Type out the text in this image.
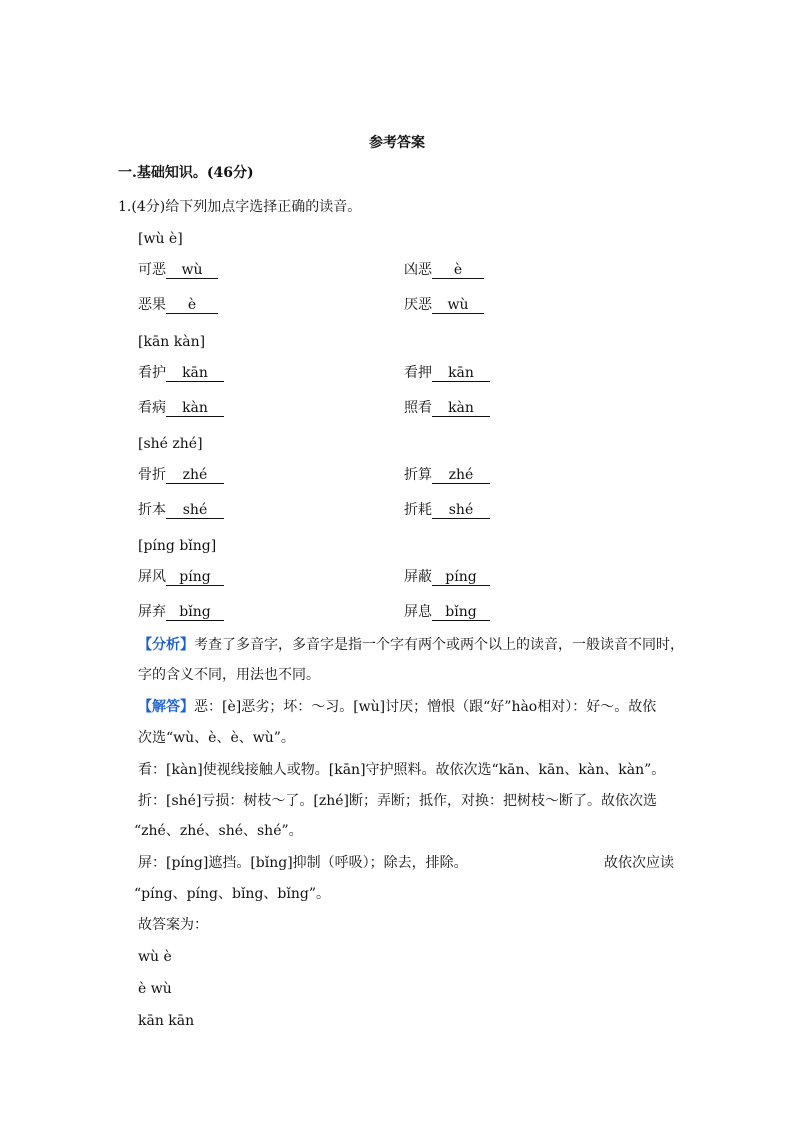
参考答案
一.基础知识。(46分)
1.(4分)给下列加点字选择正确的读音。
[wù è]
可恶 wù	凶恶 è
恶果 è	厌恶 wù
[kān kàn]
看护 kān	看押 kān
看病 kàn	照看 kàn
[shé zhé]
骨折 zhé	折算 zhé
折本 shé	折耗 shé
[píng bǐng]
屏风 píng	屏蔽 píng
屏弃 bǐng	屏息 bǐng
【分析】考查了多音字，多音字是指一个字有两个或两个以上的读音，一般读音不同时，
字的含义不同，用法也不同。
【解答】恶：[è]恶劣；坏：～习。[wù]讨厌；憎恨（跟“好”hào相对）：好～。故依
次选“wù、è、è、wù”。
看：[kàn]使视线接触人或物。[kān]守护照料。故依次选“kān、kān、kàn、kàn”。
折：[shé]亏损：树枝～了。[zhé]断；弄断；抵作，对换：把树枝～断了。故依次选
“zhé、zhé、shé、shé”。
屏：[píng]遮挡。[bǐng]抑制（呼吸）；除去，排除。	故依次应读
“píng、píng、bǐng、bǐng”。
故答案为：
wù è
è wù
kān kān
